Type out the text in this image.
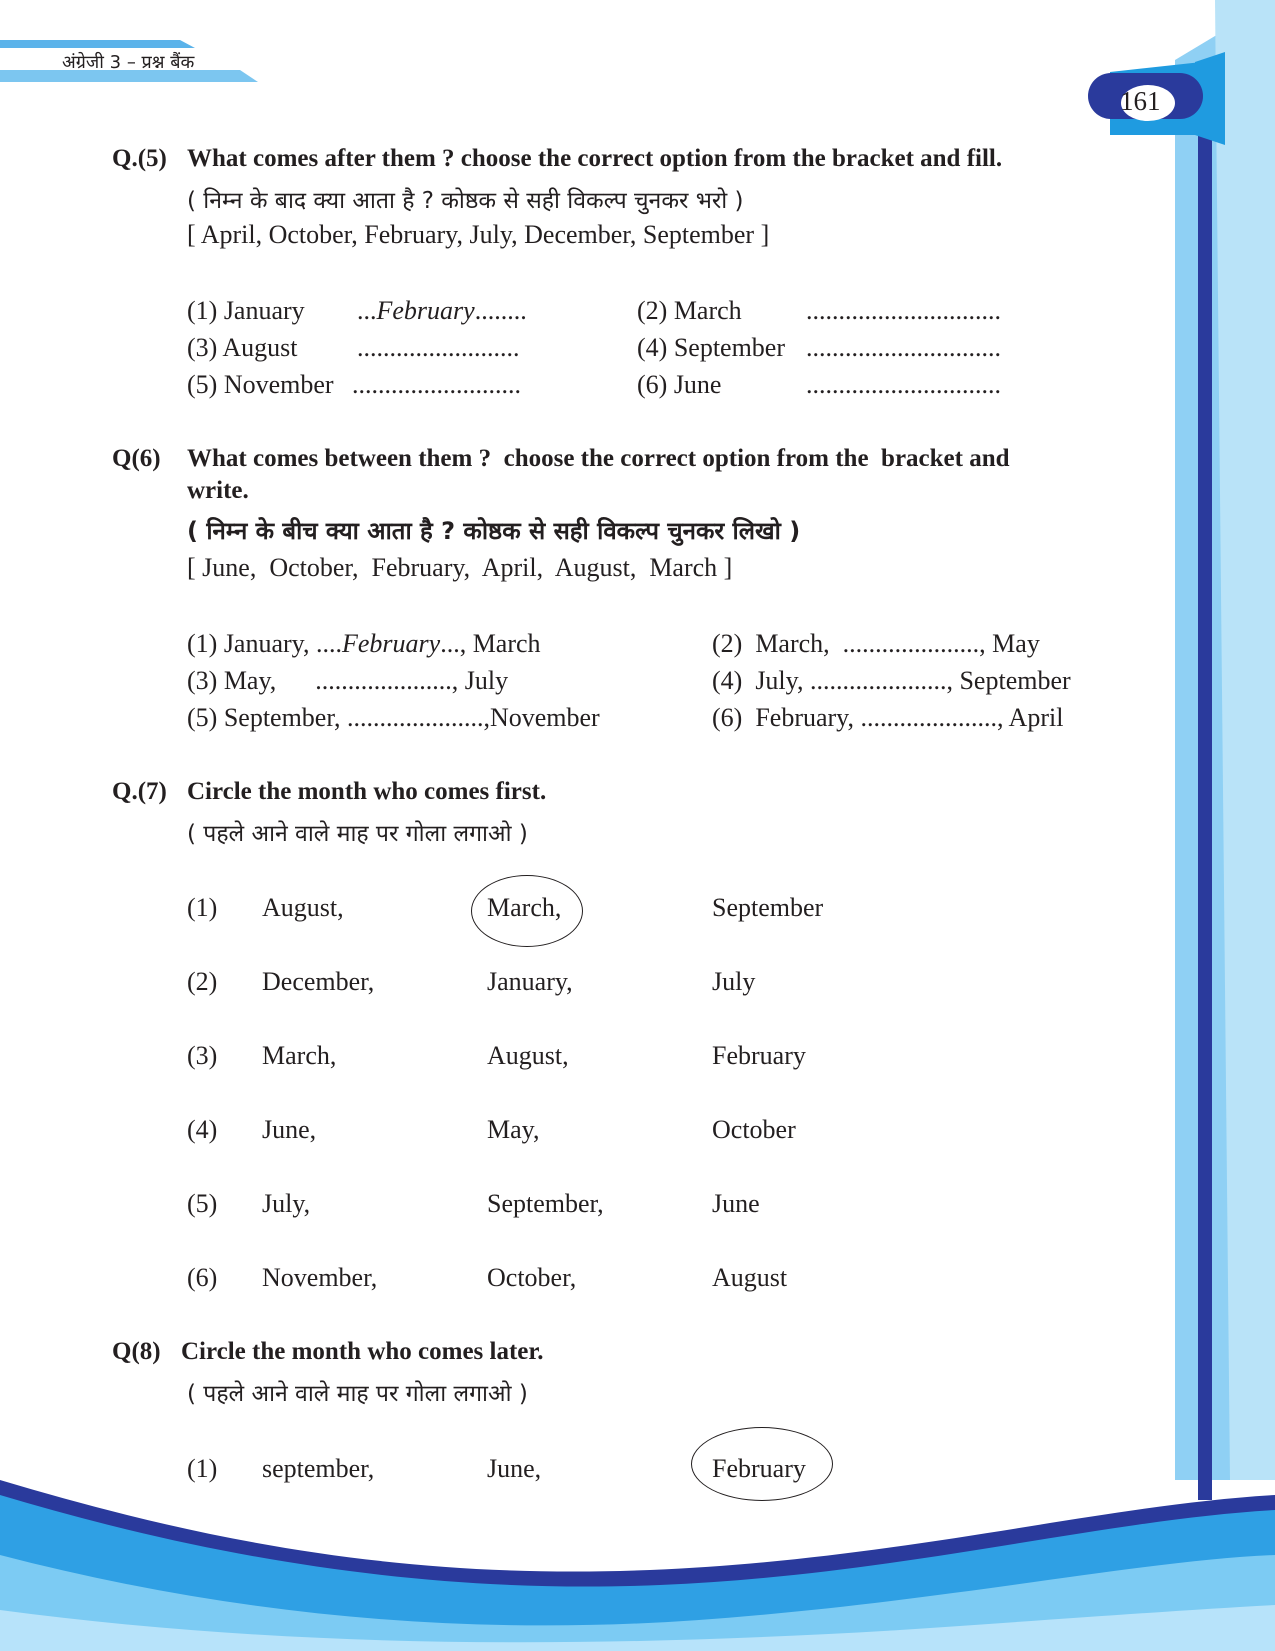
अंग्रेजी 3 – प्रश्न बैंक
161
Q.(5) What comes after them ? choose the correct option from the bracket and fill.
( निम्न के बाद क्या आता है ? कोष्ठक से सही विकल्प चुनकर भरो )
[ April, October, February, July, December, September ]
(1) January ...February........	(2) March ..............................
(3) August .........................	(4) September ..............................
(5) November ..........................	(6) June	..............................
Q(6) What comes between them ?  choose the correct option from the  bracket and
write.
( निम्न के बीच क्या आता है ? कोष्ठक से सही विकल्प चुनकर लिखो )
[ June,  October,  February,  April,  August,  March ]
(1) January, ....February..., March	(2)  March,  ....................., May
(3) May,      ....................., July	(4)  July, ....................., September
(5) September, .....................,November	(6)  February, ....................., April
Q.(7) Circle the month who comes first.
( पहले आने वाले माह पर गोला लगाओ )
(1) August,	March,	September
(2) December,	January,	July
(3) March,	August,	February
(4) June,	May,	October
(5) July,	September,	June
(6) November,	October,	August
Q(8) Circle the month who comes later.
( पहले आने वाले माह पर गोला लगाओ )
(1) september,	June,	February
